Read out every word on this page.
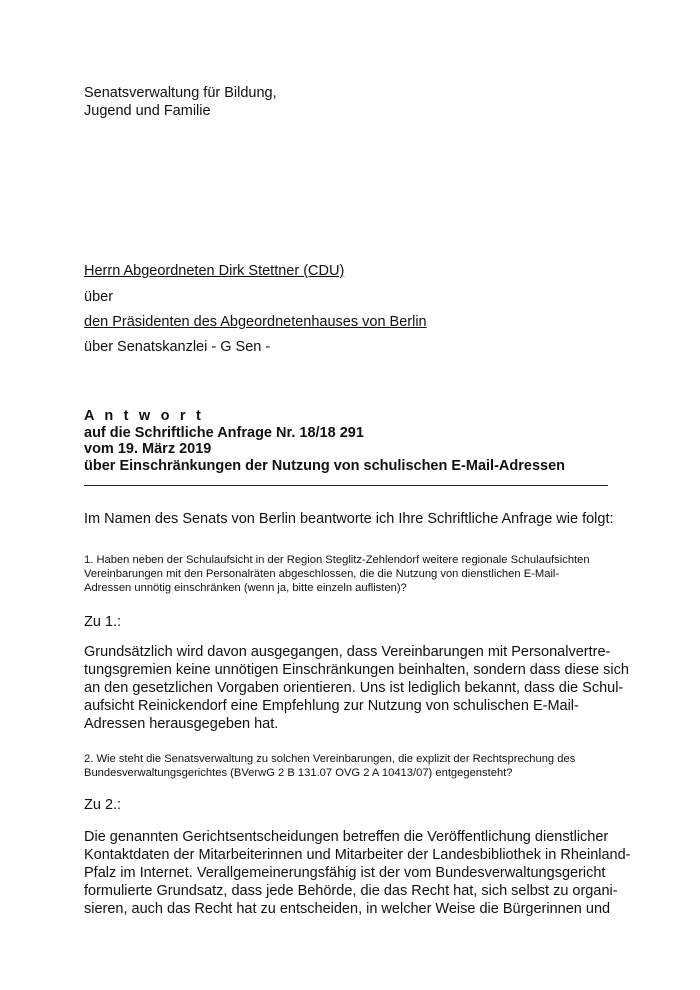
Senatsverwaltung für Bildung,
Jugend und Familie

Herrn Abgeordneten Dirk Stettner (CDU)

über

den Präsidenten des Abgeordnetenhauses von Berlin

über Senatskanzlei - G Sen -

A n t w o r t
auf die Schriftliche Anfrage Nr. 18/18 291
vom 19. März 2019
über Einschränkungen der Nutzung von schulischen E-Mail-Adressen

Im Namen des Senats von Berlin beantworte ich Ihre Schriftliche Anfrage wie folgt:

1. Haben neben der Schulaufsicht in der Region Steglitz-Zehlendorf weitere regionale Schulaufsichten
Vereinbarungen mit den Personalräten abgeschlossen, die die Nutzung von dienstlichen E-Mail-
Adressen unnötig einschränken (wenn ja, bitte einzeln auflisten)?

Zu 1.:

Grundsätzlich wird davon ausgegangen, dass Vereinbarungen mit Personalvertre-
tungsgremien keine unnötigen Einschränkungen beinhalten, sondern dass diese sich
an den gesetzlichen Vorgaben orientieren. Uns ist lediglich bekannt, dass die Schul-
aufsicht Reinickendorf eine Empfehlung zur Nutzung von schulischen E-Mail-
Adressen herausgegeben hat.
2. Wie steht die Senatsverwaltung zu solchen Vereinbarungen, die explizit der Rechtsprechung des
Bundesverwaltungsgerichtes (BVerwG 2 B 131.07 OVG 2 A 10413/07) entgegensteht?

Zu 2.:

Die genannten Gerichtsentscheidungen betreffen die Veröffentlichung dienstlicher
Kontaktdaten der Mitarbeiterinnen und Mitarbeiter der Landesbibliothek in Rheinland-
Pfalz im Internet. Verallgemeinerungsfähig ist der vom Bundesverwaltungsgericht
formulierte Grundsatz, dass jede Behörde, die das Recht hat, sich selbst zu organi-
sieren, auch das Recht hat zu entscheiden, in welcher Weise die Bürgerinnen und
